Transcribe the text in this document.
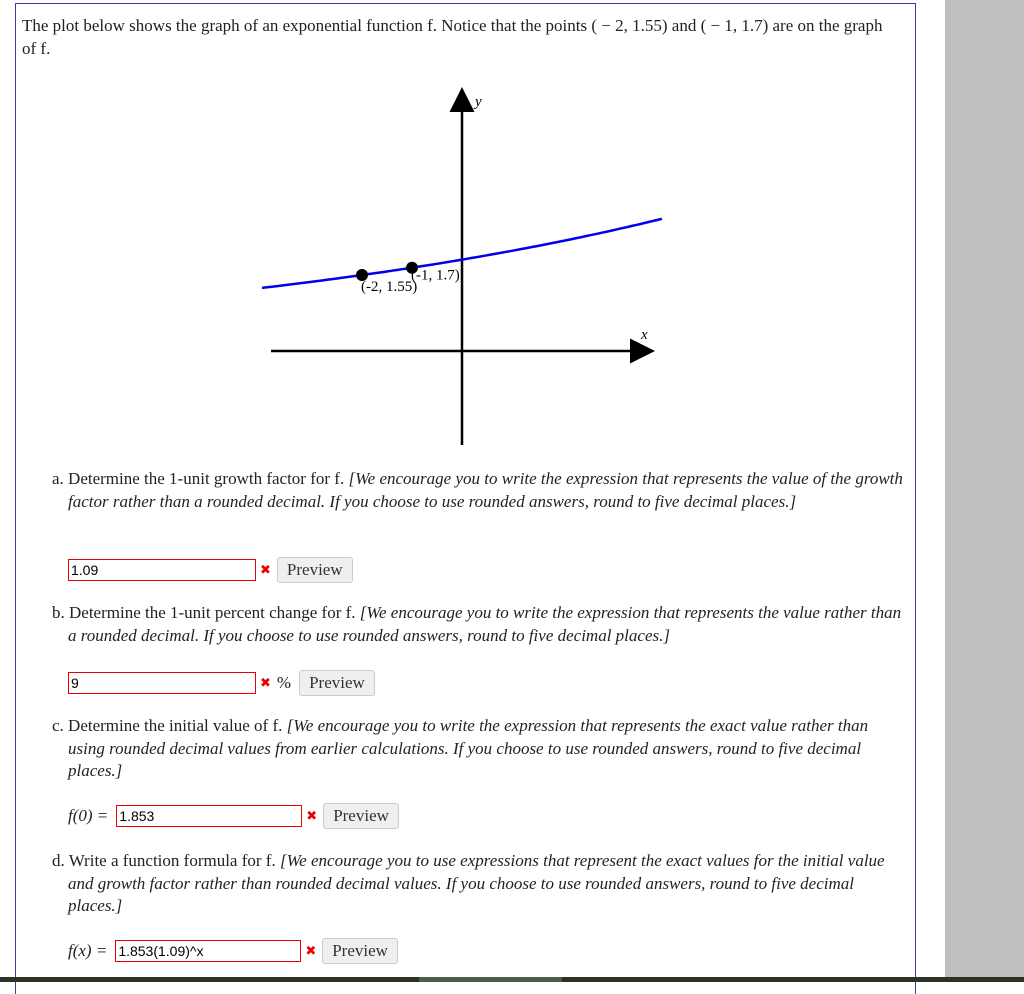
The plot below shows the graph of an exponential function f. Notice that the points ( − 2, 1.55) and ( − 1, 1.7) are on the graph of f.
x
y
(-2, 1.55)
(-1, 1.7)
a. Determine the 1-unit growth factor for f. [We encourage you to write the expression that represents the value of the growth factor rather than a rounded decimal. If you choose to use rounded answers, round to five decimal places.]
1.09	✖ Preview
b. Determine the 1-unit percent change for f. [We encourage you to write the expression that represents the value rather than a rounded decimal. If you choose to use rounded answers, round to five decimal places.]
9	✖ %	Preview
c. Determine the initial value of f. [We encourage you to write the expression that represents the exact value rather than using rounded decimal values from earlier calculations. If you choose to use rounded answers, round to five decimal places.]
f(0) = 1.853	✖ Preview
d. Write a function formula for f. [We encourage you to use expressions that represent the exact values for the initial value and growth factor rather than rounded decimal values. If you choose to use rounded answers, round to five decimal places.]
f(x) = 1.853(1.09)^x	✖ Preview
